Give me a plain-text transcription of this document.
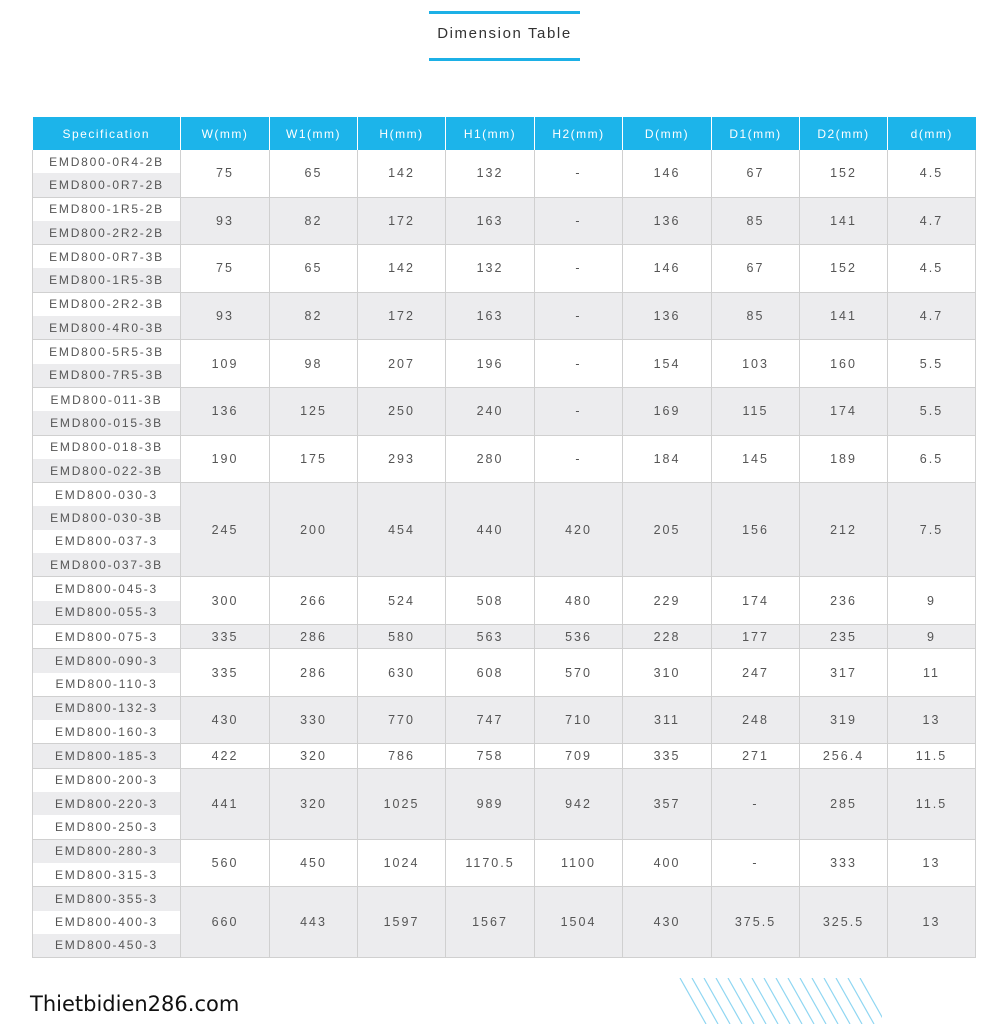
Dimension Table
Specification	W(mm)	W1(mm)	H(mm)	H1(mm)	H2(mm)	D(mm)	D1(mm)	D2(mm)	d(mm)
EMD800-0R4-2B	75	65	142	132	-	146	67	152	4.5
EMD800-0R7-2B									
EMD800-1R5-2B	93	82	172	163	-	136	85	141	4.7
EMD800-2R2-2B									
EMD800-0R7-3B	75	65	142	132	-	146	67	152	4.5
EMD800-1R5-3B									
EMD800-2R2-3B	93	82	172	163	-	136	85	141	4.7
EMD800-4R0-3B									
EMD800-5R5-3B	109	98	207	196	-	154	103	160	5.5
EMD800-7R5-3B									
EMD800-011-3B	136	125	250	240	-	169	115	174	5.5
EMD800-015-3B									
EMD800-018-3B	190	175	293	280	-	184	145	189	6.5
EMD800-022-3B									
EMD800-030-3	245	200	454	440	420	205	156	212	7.5
EMD800-030-3B									
EMD800-037-3									
EMD800-037-3B									
EMD800-045-3	300	266	524	508	480	229	174	236	9
EMD800-055-3									
EMD800-075-3	335	286	580	563	536	228	177	235	9
EMD800-090-3	335	286	630	608	570	310	247	317	11
EMD800-110-3									
EMD800-132-3	430	330	770	747	710	311	248	319	13
EMD800-160-3									
EMD800-185-3	422	320	786	758	709	335	271	256.4	11.5
EMD800-200-3	441	320	1025	989	942	357	-	285	11.5
EMD800-220-3									
EMD800-250-3									
EMD800-280-3	560	450	1024	1170.5	1100	400	-	333	13
EMD800-315-3									
EMD800-355-3	660	443	1597	1567	1504	430	375.5	325.5	13
EMD800-400-3									
EMD800-450-3									
Thietbidien286.com
